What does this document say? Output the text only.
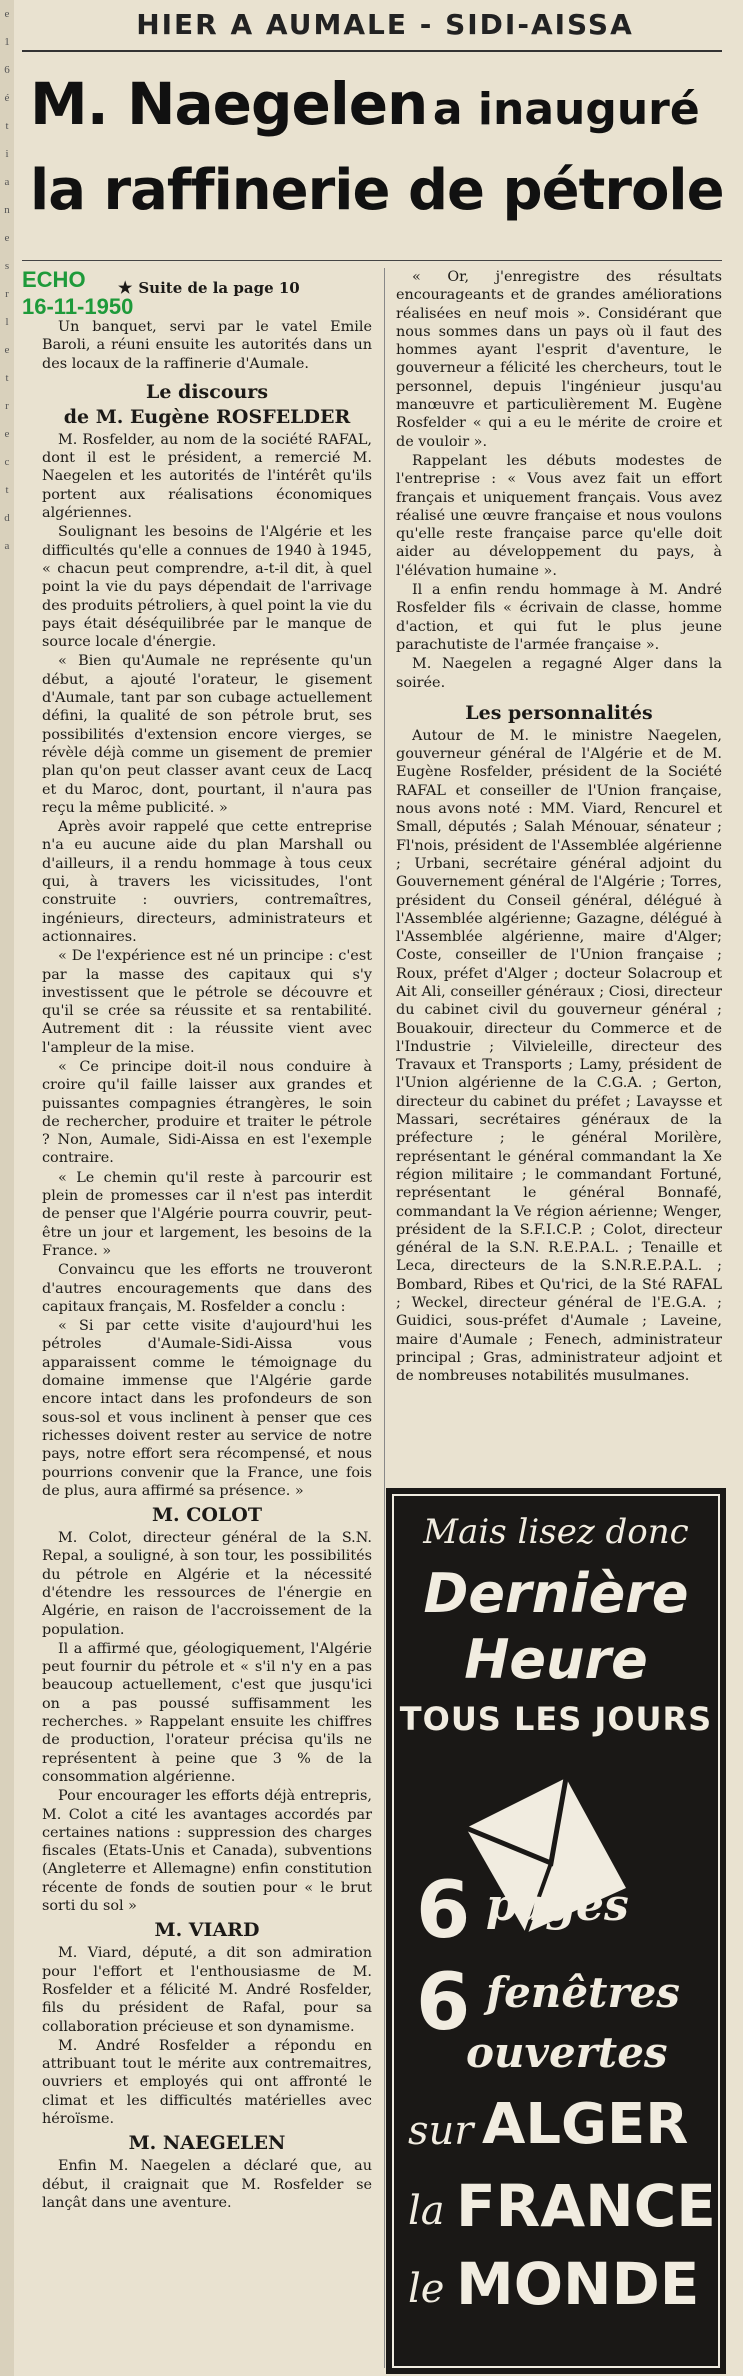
e
1
6
é
t
i
a
n
e
s
r
l
e
t
r
e
c
t
d
a
HIER A AUMALE - SIDI-AISSA
M. Naegelen a inauguré
la raffinerie de pétrole
ECHO
16-11-1950
★ Suite de la page 10

Un banquet, servi par le vatel Emile Baroli, a réuni ensuite les autorités dans un des locaux de la raffinerie d'Aumale.

Le discours
de M. Eugène ROSFELDER

M. Rosfelder, au nom de la société RAFAL, dont il est le président, a remercié M. Naegelen et les autorités de l'intérêt qu'ils portent aux réalisations économiques algériennes.

Soulignant les besoins de l'Algérie et les difficultés qu'elle a connues de 1940 à 1945, « chacun peut comprendre, a-t-il dit, à quel point la vie du pays dépendait de l'arrivage des produits pétroliers, à quel point la vie du pays était déséquilibrée par le manque de source locale d'énergie.

« Bien qu'Aumale ne représente qu'un début, a ajouté l'orateur, le gisement d'Aumale, tant par son cubage actuellement défini, la qualité de son pétrole brut, ses possibilités d'extension encore vierges, se révèle déjà comme un gisement de premier plan qu'on peut classer avant ceux de Lacq et du Maroc, dont, pourtant, il n'aura pas reçu la même publicité. »

Après avoir rappelé que cette entreprise n'a eu aucune aide du plan Marshall ou d'ailleurs, il a rendu hommage à tous ceux qui, à travers les vicissitudes, l'ont construite : ouvriers, contremaîtres, ingénieurs, directeurs, administrateurs et actionnaires.

« De l'expérience est né un principe : c'est par la masse des capitaux qui s'y investissent que le pétrole se découvre et qu'il se crée sa réussite et sa rentabilité. Autrement dit : la réussite vient avec l'ampleur de la mise.

« Ce principe doit-il nous conduire à croire qu'il faille laisser aux grandes et puissantes compagnies étrangères, le soin de rechercher, produire et traiter le pétrole ? Non, Aumale, Sidi-Aissa en est l'exemple contraire.

« Le chemin qu'il reste à parcourir est plein de promesses car il n'est pas interdit de penser que l'Algérie pourra couvrir, peut-être un jour et largement, les besoins de la France. »

Convaincu que les efforts ne trouveront d'autres encouragements que dans des capitaux français, M. Rosfelder a conclu :

« Si par cette visite d'aujourd'hui les pétroles d'Aumale-Sidi-Aissa vous apparaissent comme le témoignage du domaine immense que l'Algérie garde encore intact dans les profondeurs de son sous-sol et vous inclinent à penser que ces richesses doivent rester au service de notre pays, notre effort sera récompensé, et nous pourrions convenir que la France, une fois de plus, aura affirmé sa présence. »

M. COLOT

M. Colot, directeur général de la S.N. Repal, a souligné, à son tour, les possibilités du pétrole en Algérie et la nécessité d'étendre les ressources de l'énergie en Algérie, en raison de l'accroissement de la population.

Il a affirmé que, géologiquement, l'Algérie peut fournir du pétrole et « s'il n'y en a pas beaucoup actuellement, c'est que jusqu'ici on a pas poussé suffisamment les recherches. » Rappelant ensuite les chiffres de production, l'orateur précisa qu'ils ne représentent à peine que 3 % de la consommation algérienne.

Pour encourager les efforts déjà entrepris, M. Colot a cité les avantages accordés par certaines nations : suppression des charges fiscales (Etats-Unis et Canada), subventions (Angleterre et Allemagne) enfin constitution récente de fonds de soutien pour « le brut sorti du sol »

M. VIARD

M. Viard, député, a dit son admiration pour l'effort et l'enthousiasme de M. Rosfelder et a félicité M. André Rosfelder, fils du président de Rafal, pour sa collaboration précieuse et son dynamisme.

M. André Rosfelder a répondu en attribuant tout le mérite aux contremaitres, ouvriers et employés qui ont affronté le climat et les difficultés matérielles avec héroïsme.

M. NAEGELEN

Enfin M. Naegelen a déclaré que, au début, il craignait que M. Rosfelder se lançât dans une aventure.

« Or, j'enregistre des résultats encourageants et de grandes améliorations réalisées en neuf mois ». Considérant que nous sommes dans un pays où il faut des hommes ayant l'esprit d'aventure, le gouverneur a félicité les chercheurs, tout le personnel, depuis l'ingénieur jusqu'au manœuvre et particulièrement M. Eugène Rosfelder « qui a eu le mérite de croire et de vouloir ».

Rappelant les débuts modestes de l'entreprise : « Vous avez fait un effort français et uniquement français. Vous avez réalisé une œuvre française et nous voulons qu'elle reste française parce qu'elle doit aider au développement du pays, à l'élévation humaine ».

Il a enfin rendu hommage à M. André Rosfelder fils « écrivain de classe, homme d'action, et qui fut le plus jeune parachutiste de l'armée française ».

M. Naegelen a regagné Alger dans la soirée.

Les personnalités

Autour de M. le ministre Naegelen, gouverneur général de l'Algérie et de M. Eugène Rosfelder, président de la Société RAFAL et conseiller de l'Union française, nous avons noté : MM. Viard, Rencurel et Small, députés ; Salah Ménouar, sénateur ; Fl'nois, président de l'Assemblée algérienne ; Urbani, secrétaire général adjoint du Gouvernement général de l'Algérie ; Torres, président du Conseil général, délégué à l'Assemblée algérienne; Gazagne, délégué à l'Assemblée algérienne, maire d'Alger; Coste, conseiller de l'Union française ; Roux, préfet d'Alger ; docteur Solacroup et Ait Ali, conseiller généraux ; Ciosi, directeur du cabinet civil du gouverneur général ; Bouakouir, directeur du Commerce et de l'Industrie ; Vilvieleille, directeur des Travaux et Transports ; Lamy, président de l'Union algérienne de la C.G.A. ; Gerton, directeur du cabinet du préfet ; Lavaysse et Massari, secrétaires généraux de la préfecture ; le général Morilère, représentant le général commandant la Xe région militaire ; le commandant Fortuné, représentant le général Bonnafé, commandant la Ve région aérienne; Wenger, président de la S.F.I.C.P. ; Colot, directeur général de la S.N. R.E.P.A.L. ; Tenaille et Leca, directeurs de la S.N.R.E.P.A.L. ; Bombard, Ribes et Qu'rici, de la Sté RAFAL ; Weckel, directeur général de l'E.G.A. ; Guidici, sous-préfet d'Aumale ; Laveine, maire d'Aumale ; Fenech, administrateur principal ; Gras, administrateur adjoint et de nombreuses notabilités musulmanes.

Mais lisez donc
Dernière
Heure
TOUS LES JOURS
6 pages
6 fenêtres
ouvertes
sur ALGER
la FRANCE
le MONDE
